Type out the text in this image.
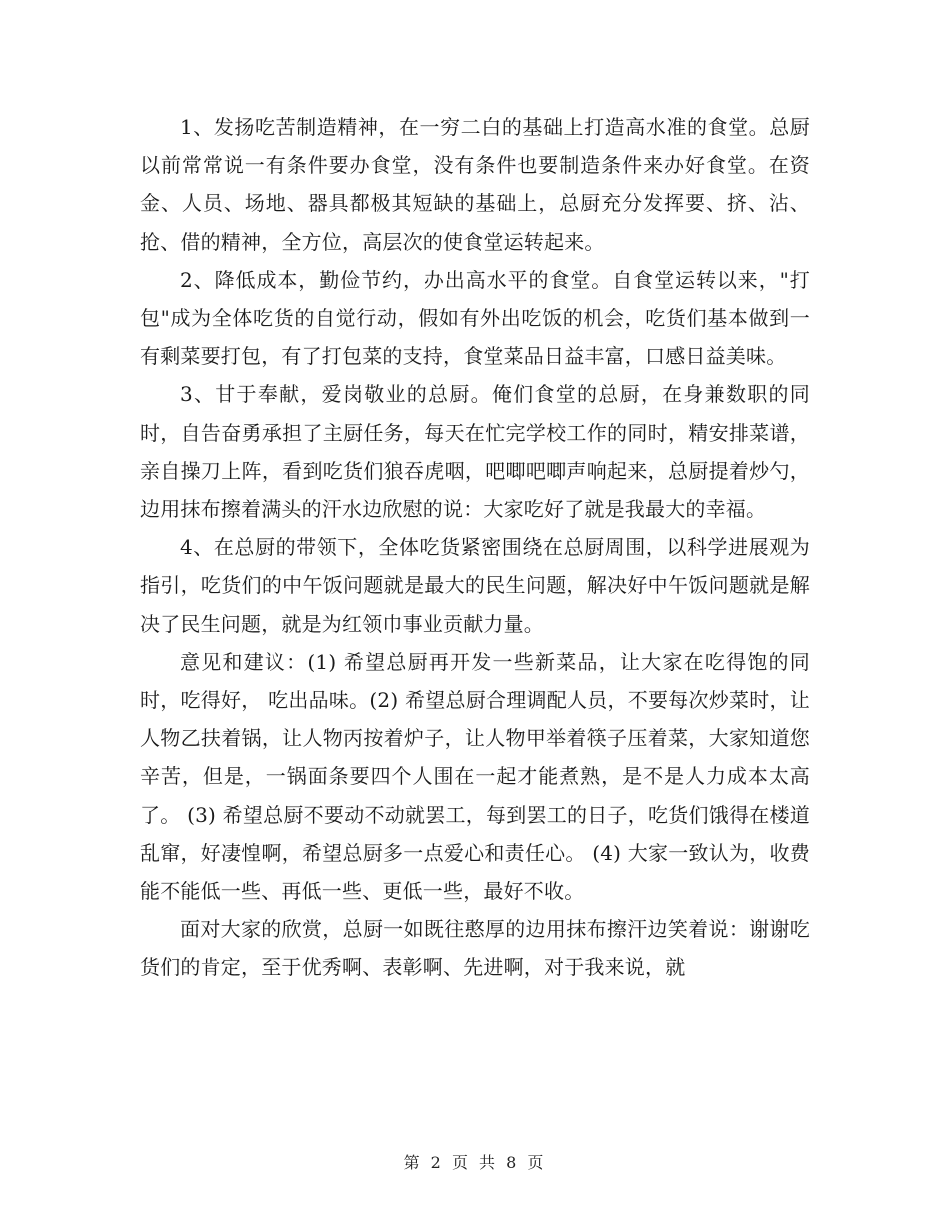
1、发扬吃苦制造精神，在一穷二白的基础上打造高水准的食堂。总厨以前常常说一有条件要办食堂，没有条件也要制造条件来办好食堂。在资金、人员、场地、器具都极其短缺的基础上，总厨充分发挥要、挤、沾、抢、借的精神，全方位，高层次的使食堂运转起来。

2、降低成本，勤俭节约，办出高水平的食堂。自食堂运转以来，"打包"成为全体吃货的自觉行动，假如有外出吃饭的机会，吃货们基本做到一有剩菜要打包，有了打包菜的支持，食堂菜品日益丰富，口感日益美味。

3、甘于奉献，爱岗敬业的总厨。俺们食堂的总厨，在身兼数职的同时，自告奋勇承担了主厨任务，每天在忙完学校工作的同时，精安排菜谱，亲自操刀上阵，看到吃货们狼吞虎咽，吧唧吧唧声响起来，总厨提着炒勺，边用抹布擦着满头的汗水边欣慰的说：大家吃好了就是我最大的幸福。

4、在总厨的带领下，全体吃货紧密围绕在总厨周围，以科学进展观为指引，吃货们的中午饭问题就是最大的民生问题，解决好中午饭问题就是解决了民生问题，就是为红领巾事业贡献力量。

意见和建议：(1) 希望总厨再开发一些新菜品，让大家在吃得饱的同时，吃得好， 吃出品味。(2) 希望总厨合理调配人员，不要每次炒菜时，让人物乙扶着锅，让人物丙按着炉子，让人物甲举着筷子压着菜，大家知道您辛苦，但是，一锅面条要四个人围在一起才能煮熟，是不是人力成本太高了。 (3) 希望总厨不要动不动就罢工，每到罢工的日子，吃货们饿得在楼道 乱窜，好凄惶啊，希望总厨多一点爱心和责任心。 (4) 大家一致认为，收费能不能低一些、再低一些、更低一些，最好不收。

面对大家的欣赏，总厨一如既往憨厚的边用抹布擦汗边笑着说：谢谢吃货们的肯定，至于优秀啊、表彰啊、先进啊，对于我来说，就

第 2 页 共 8 页
